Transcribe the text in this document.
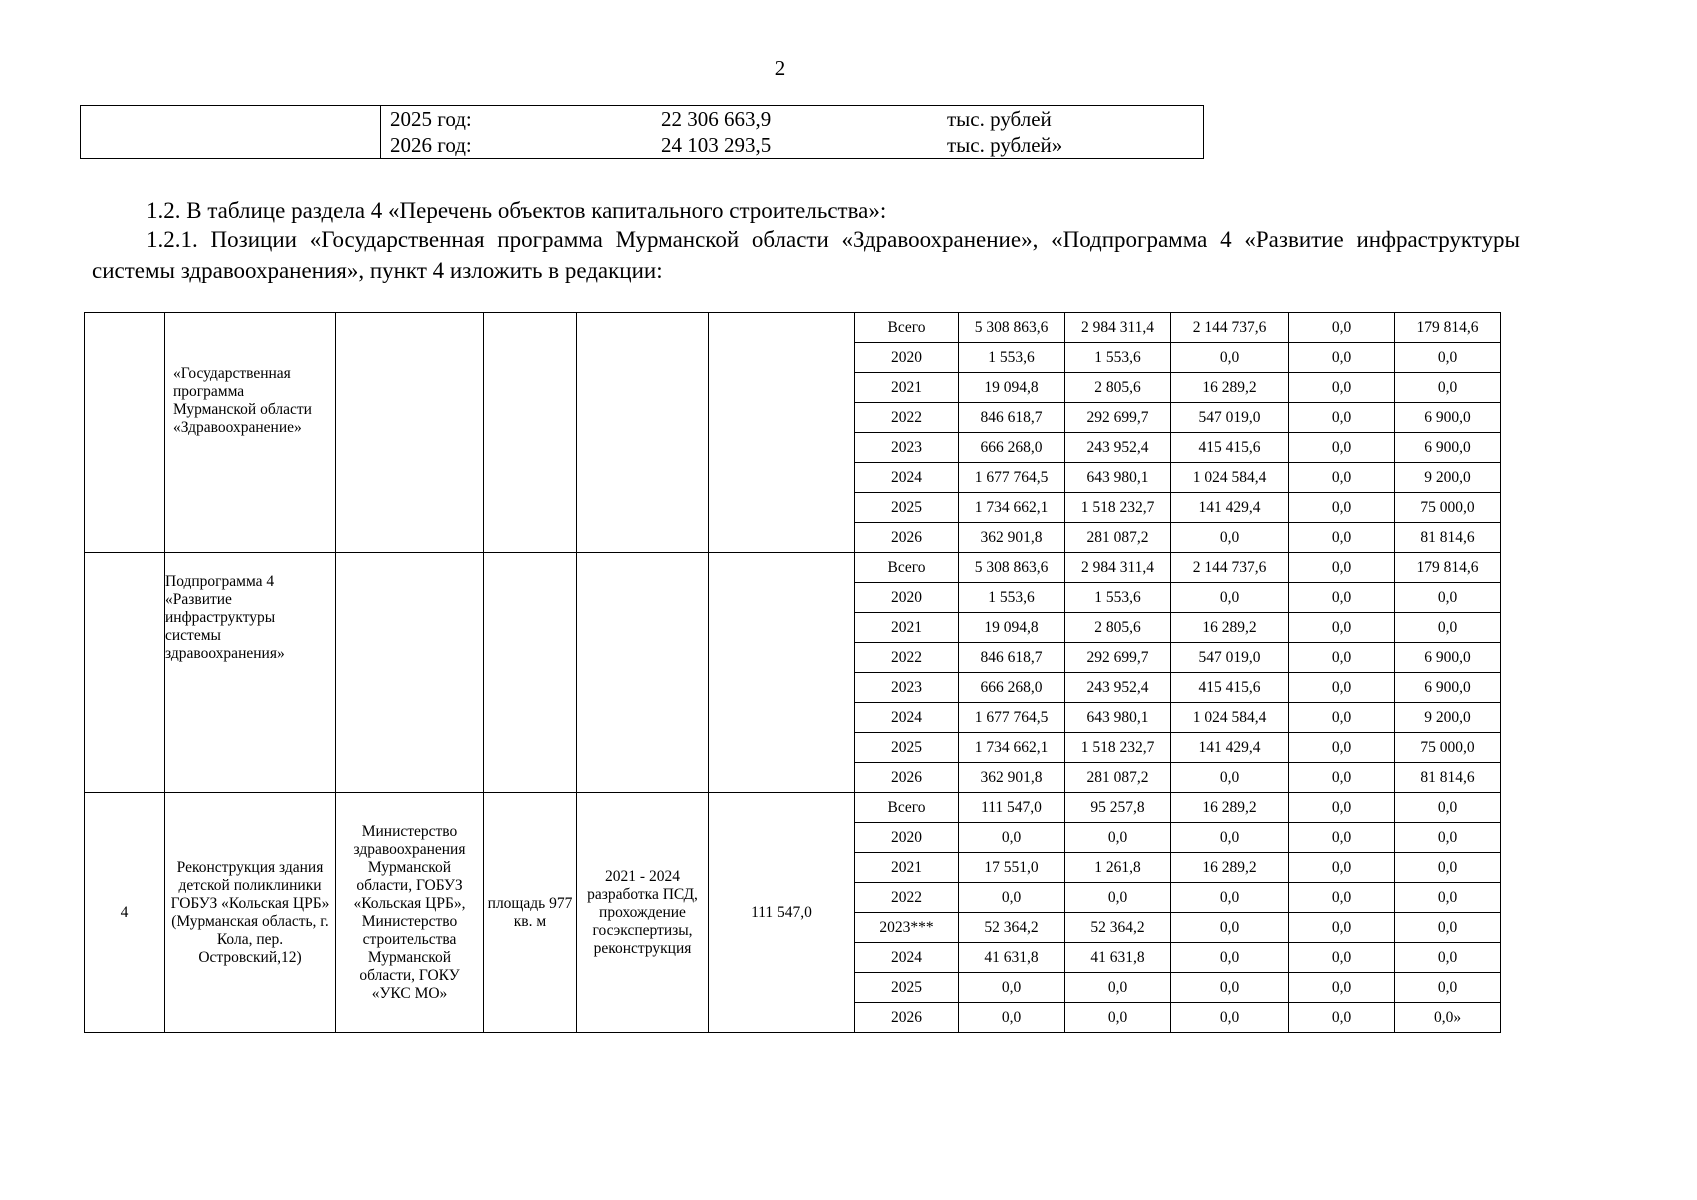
2
	2025 год:	22 306 663,9	тыс. рублей
	2026 год:	24 103 293,5	тыс. рублей»
1.2. В таблице раздела 4 «Перечень объектов капитального строительства»:
1.2.1. Позиции «Государственная программа Мурманской области «Здравоохранение», «Подпрограмма 4 «Развитие инфраструктуры системы здравоохранения», пункт 4 изложить в редакции:
	«Государственная программа Мурманской области «Здравоохранение»					Всего	5 308 863,6	2 984 311,4	2 144 737,6	0,0	179 814,6
						2020	1 553,6	1 553,6	0,0	0,0	0,0
						2021	19 094,8	2 805,6	16 289,2	0,0	0,0
						2022	846 618,7	292 699,7	547 019,0	0,0	6 900,0
						2023	666 268,0	243 952,4	415 415,6	0,0	6 900,0
						2024	1 677 764,5	643 980,1	1 024 584,4	0,0	9 200,0
						2025	1 734 662,1	1 518 232,7	141 429,4	0,0	75 000,0
						2026	362 901,8	281 087,2	0,0	0,0	81 814,6
	Подпрограмма 4 «Развитие инфраструктуры системы здравоохранения»					Всего	5 308 863,6	2 984 311,4	2 144 737,6	0,0	179 814,6
						2020	1 553,6	1 553,6	0,0	0,0	0,0
						2021	19 094,8	2 805,6	16 289,2	0,0	0,0
						2022	846 618,7	292 699,7	547 019,0	0,0	6 900,0
						2023	666 268,0	243 952,4	415 415,6	0,0	6 900,0
						2024	1 677 764,5	643 980,1	1 024 584,4	0,0	9 200,0
						2025	1 734 662,1	1 518 232,7	141 429,4	0,0	75 000,0
						2026	362 901,8	281 087,2	0,0	0,0	81 814,6
4	Реконструкция здания детской поликлиники ГОБУЗ «Кольская ЦРБ» (Мурманская область, г. Кола, пер. Островский,12)	Министерство здравоохранения Мурманской области, ГОБУЗ «Кольская ЦРБ», Министерство строительства Мурманской области, ГОКУ «УКС МО»	площадь 977 кв. м	2021 - 2024 разработка ПСД, прохождение госэкспертизы, реконструкция	111 547,0	Всего	111 547,0	95 257,8	16 289,2	0,0	0,0
						2020	0,0	0,0	0,0	0,0	0,0
						2021	17 551,0	1 261,8	16 289,2	0,0	0,0
						2022	0,0	0,0	0,0	0,0	0,0
						2023***	52 364,2	52 364,2	0,0	0,0	0,0
						2024	41 631,8	41 631,8	0,0	0,0	0,0
						2025	0,0	0,0	0,0	0,0	0,0
						2026	0,0	0,0	0,0	0,0	0,0»
